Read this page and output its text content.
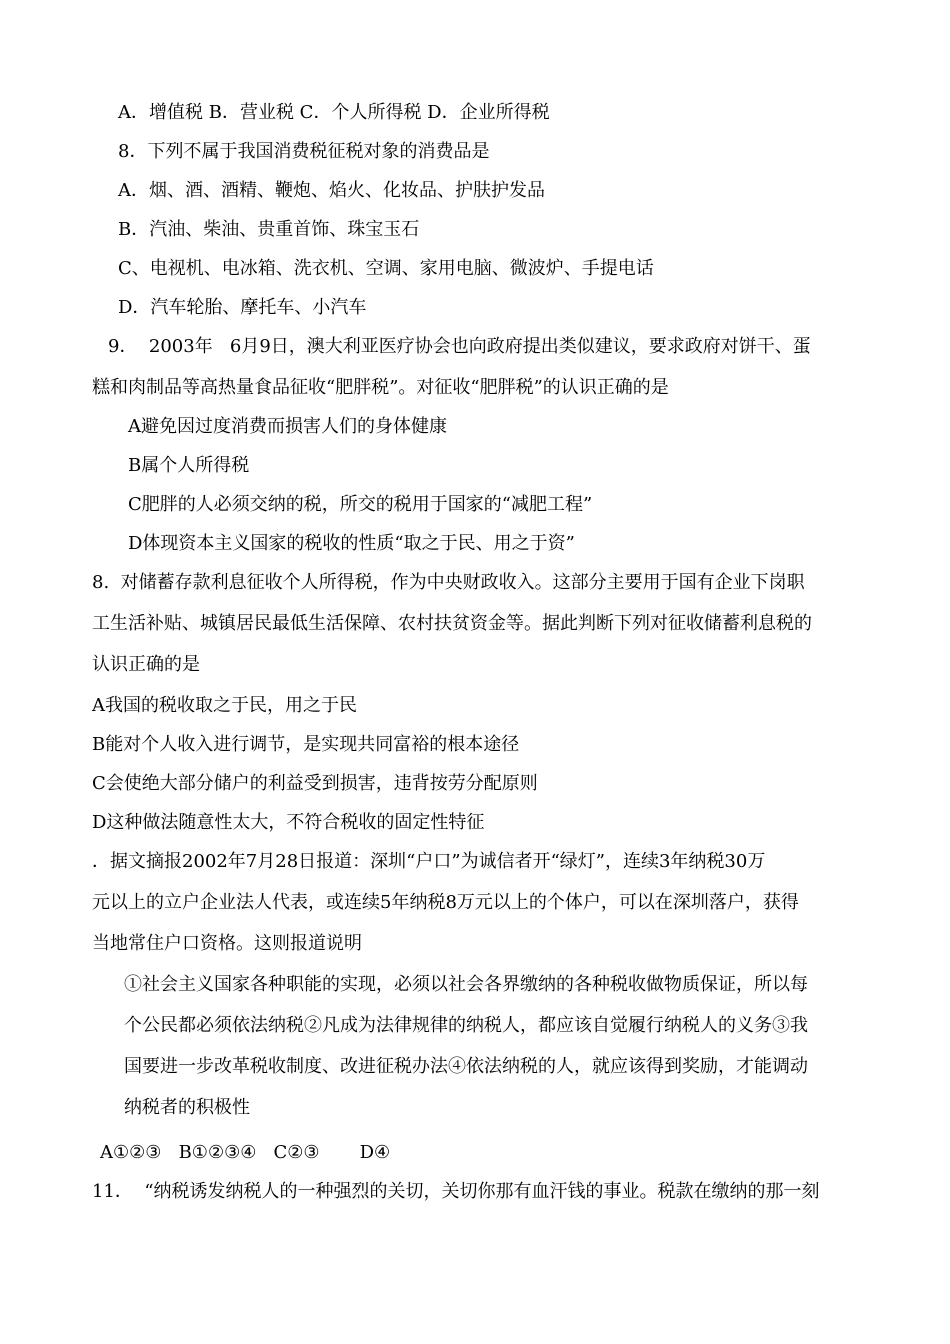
A．增值税 B．营业税 C．个人所得税 D．企业所得税
8．下列不属于我国消费税征税对象的消费品是
A．烟、酒、酒精、鞭炮、焰火、化妆品、护肤护发品
B．汽油、柴油、贵重首饰、珠宝玉石
C、电视机、电冰箱、洗衣机、空调、家用电脑、微波炉、手提电话
D．汽车轮胎、摩托车、小汽车
9．  2003年   6月9日，澳大利亚医疗协会也向政府提出类似建议，要求政府对饼干、蛋
糕和肉制品等高热量食品征收“肥胖税”。对征收“肥胖税”的认识正确的是
A避免因过度消费而损害人们的身体健康
B属个人所得税
C肥胖的人必须交纳的税，所交的税用于国家的“减肥工程”
D体现资本主义国家的税收的性质“取之于民、用之于资”
8.  对储蓄存款利息征收个人所得税，作为中央财政收入。这部分主要用于国有企业下岗职
工生活补贴、城镇居民最低生活保障、农村扶贫资金等。据此判断下列对征收储蓄利息税的
认识正确的是
A我国的税收取之于民，用之于民
B能对个人收入进行调节，是实现共同富裕的根本途径
C会使绝大部分储户的利益受到损害，违背按劳分配原则
D这种做法随意性太大，不符合税收的固定性特征
．据文摘报2002年7月28日报道：深圳“户口”为诚信者开“绿灯”，连续3年纳税30万
元以上的立户企业法人代表，或连续5年纳税8万元以上的个体户，可以在深圳落户，获得
当地常住户口资格。这则报道说明
①社会主义国家各种职能的实现，必须以社会各界缴纳的各种税收做物质保证，所以每
个公民都必须依法纳税②凡成为法律规律的纳税人，都应该自觉履行纳税人的义务③我
国要进一步改革税收制度、改进征税办法④依法纳税的人，就应该得到奖励，才能调动
纳税者的积极性
A①②③   B①②③④   C②③       D④
11．  “纳税诱发纳税人的一种强烈的关切，关切你那有血汗钱的事业。税款在缴纳的那一刻
